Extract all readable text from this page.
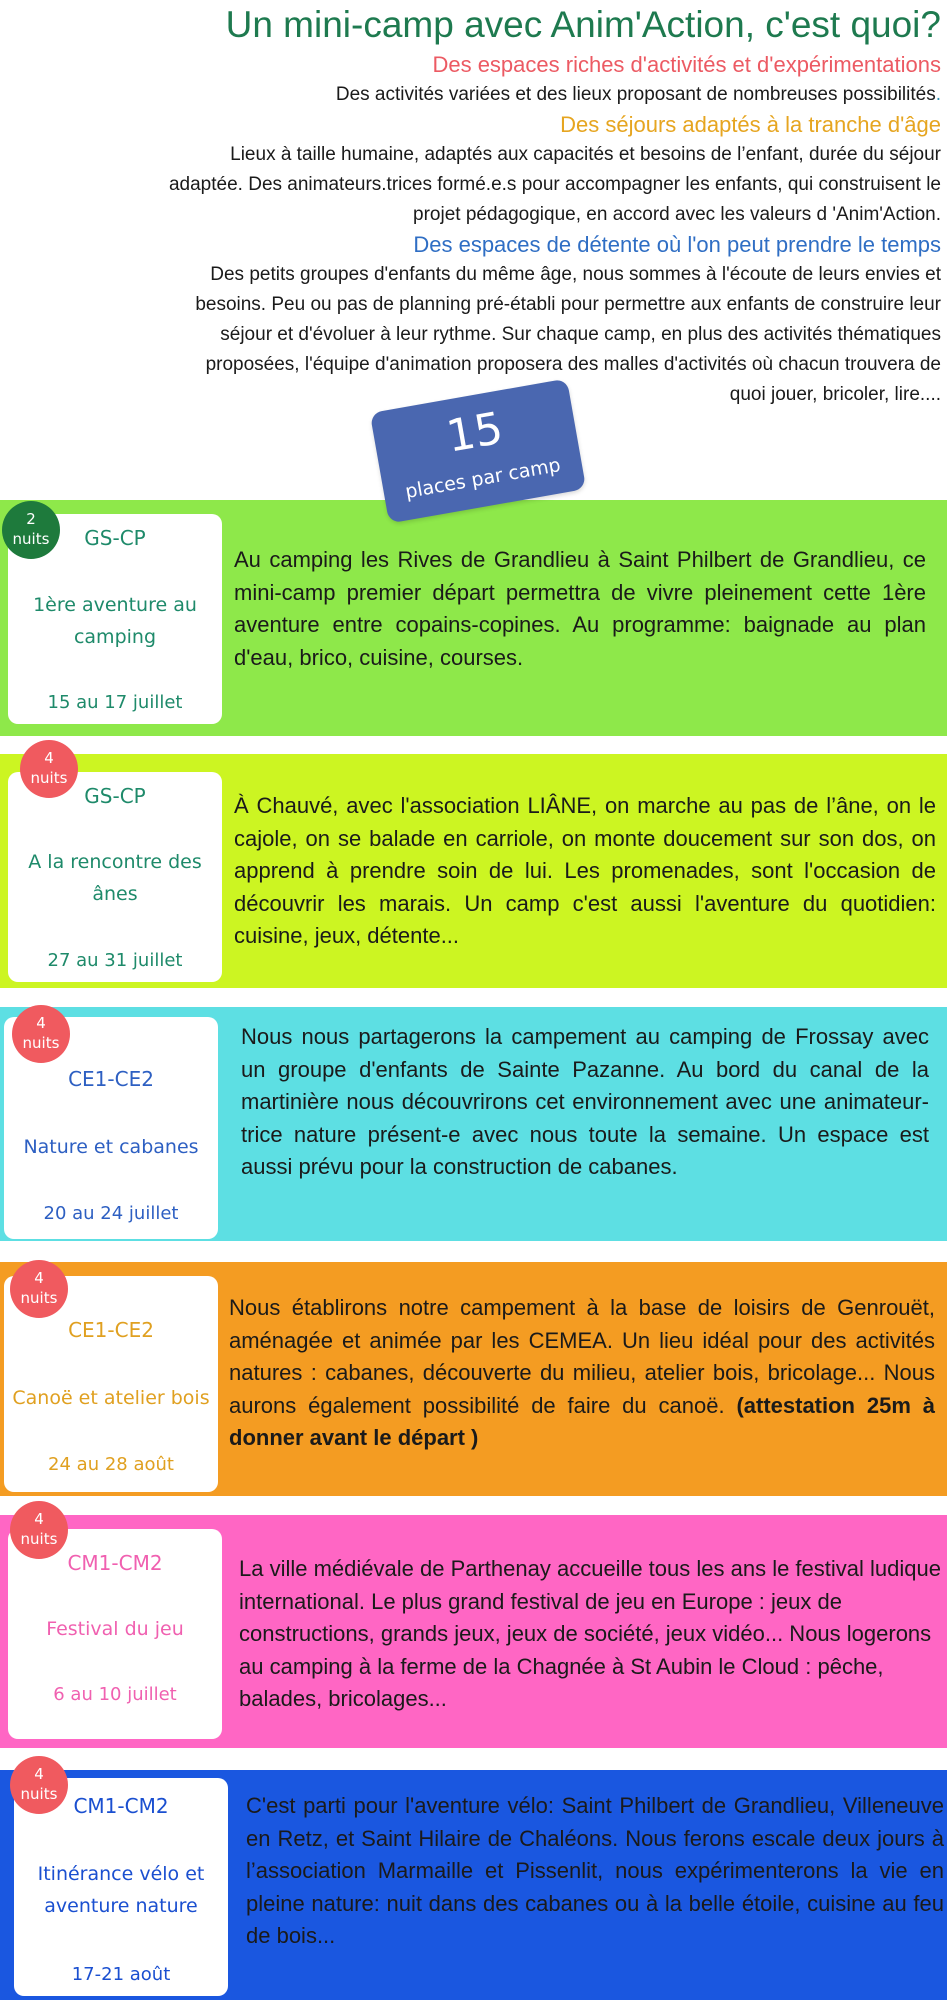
Un mini-camp avec Anim'Action, c'est quoi?
Des espaces riches d'activités et d'expérimentations
Des activités variées et des lieux proposant de nombreuses possibilités.
Des séjours adaptés à la tranche d'âge
Lieux à taille humaine, adaptés aux capacités et besoins de l’enfant, durée du séjour
adaptée. Des animateurs.trices formé.e.s pour accompagner les enfants, qui construisent le
projet pédagogique, en accord avec les valeurs d 'Anim'Action.
Des espaces de détente où l'on peut prendre le temps
Des petits groupes d'enfants du même âge, nous sommes à l'écoute de leurs envies et
besoins. Peu ou pas de planning pré-établi pour permettre aux enfants de construire leur
séjour et d'évoluer à leur rythme. Sur chaque camp, en plus des activités thématiques
proposées, l'équipe d'animation proposera des malles d'activités où chacun trouvera de
quoi jouer, bricoler, lire....
15
places par camp
2
nuits	GS-CP
1ère aventure au
camping
15 au 17 juillet

Au camping les Rives de Grandlieu à Saint Philbert de Grandlieu, ce mini-camp premier départ permettra de vivre pleinement cette 1ère aventure entre copains-copines. Au programme: baignade au plan d'eau, brico, cuisine, courses.

4
nuits
GS-CP
A la rencontre des
ânes
27 au 31 juillet

À Chauvé, avec l'association LIÂNE, on marche au pas de l’âne, on le cajole, on se balade en carriole, on monte doucement sur son dos, on apprend à prendre soin de lui. Les promenades, sont l'occasion de découvrir les marais. Un camp c'est aussi l'aventure du quotidien: cuisine, jeux, détente...

4
nuits
CE1-CE2
Nature et cabanes
20 au 24 juillet

Nous nous partagerons la campement au camping de Frossay avec un groupe d'enfants de Sainte Pazanne. Au bord du canal de la martinière nous découvrirons cet environnement avec une animateur-trice nature présent-e avec nous toute la semaine. Un espace est aussi prévu pour la construction de cabanes.

4
nuits
CE1-CE2
Canoë et atelier bois
24 au 28 août

Nous établirons notre campement à la base de loisirs de Genrouët, aménagée et animée par les CEMEA. Un lieu idéal pour des activités natures : cabanes, découverte du milieu, atelier bois, bricolage... Nous aurons également possibilité de faire du canoë. (attestation 25m à donner avant le départ )

4
nuits
CM1-CM2
Festival du jeu
6 au 10 juillet

La ville médiévale de Parthenay accueille tous les ans le festival ludique international. Le plus grand festival de jeu en Europe : jeux de constructions, grands jeux, jeux de société, jeux vidéo... Nous logerons au camping à la ferme de la Chagnée à St Aubin le Cloud : pêche, balades, bricolages...

4
nuits CM1-CM2
Itinérance vélo et
aventure nature
17-21 août

C'est parti pour l'aventure vélo: Saint Philbert de Grandlieu, Villeneuve en Retz, et Saint Hilaire de Chaléons. Nous ferons escale deux jours à l’association Marmaille et Pissenlit, nous expérimenterons la vie en pleine nature: nuit dans des cabanes ou à la belle étoile, cuisine au feu de bois...
